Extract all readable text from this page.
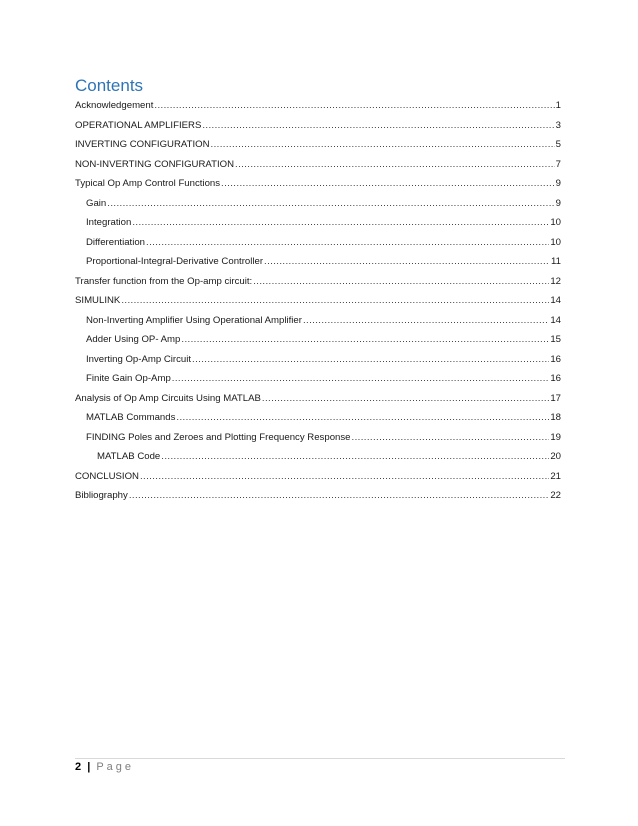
Contents
Acknowledgement .....	1
OPERATIONAL AMPLIFIERS .....	3
INVERTING CONFIGURATION .....	5
NON-INVERTING CONFIGURATION .....	7
Typical Op Amp Control Functions .....	9
Gain .....	9
Integration .....	10
Differentiation .....	10
Proportional-Integral-Derivative Controller .....	11
Transfer function from the Op-amp circuit: .....	12
SIMULINK .....	14
Non-Inverting Amplifier Using Operational Amplifier .....	14
Adder Using OP- Amp .....	15
Inverting Op-Amp Circuit .....	16
Finite Gain Op-Amp .....	16
Analysis of Op Amp Circuits Using MATLAB .....	17
MATLAB Commands .....	18
FINDING Poles and Zeroes and Plotting Frequency Response .....	19
MATLAB Code .....	20
CONCLUSION .....	21
Bibliography .....	22
2 | Page
